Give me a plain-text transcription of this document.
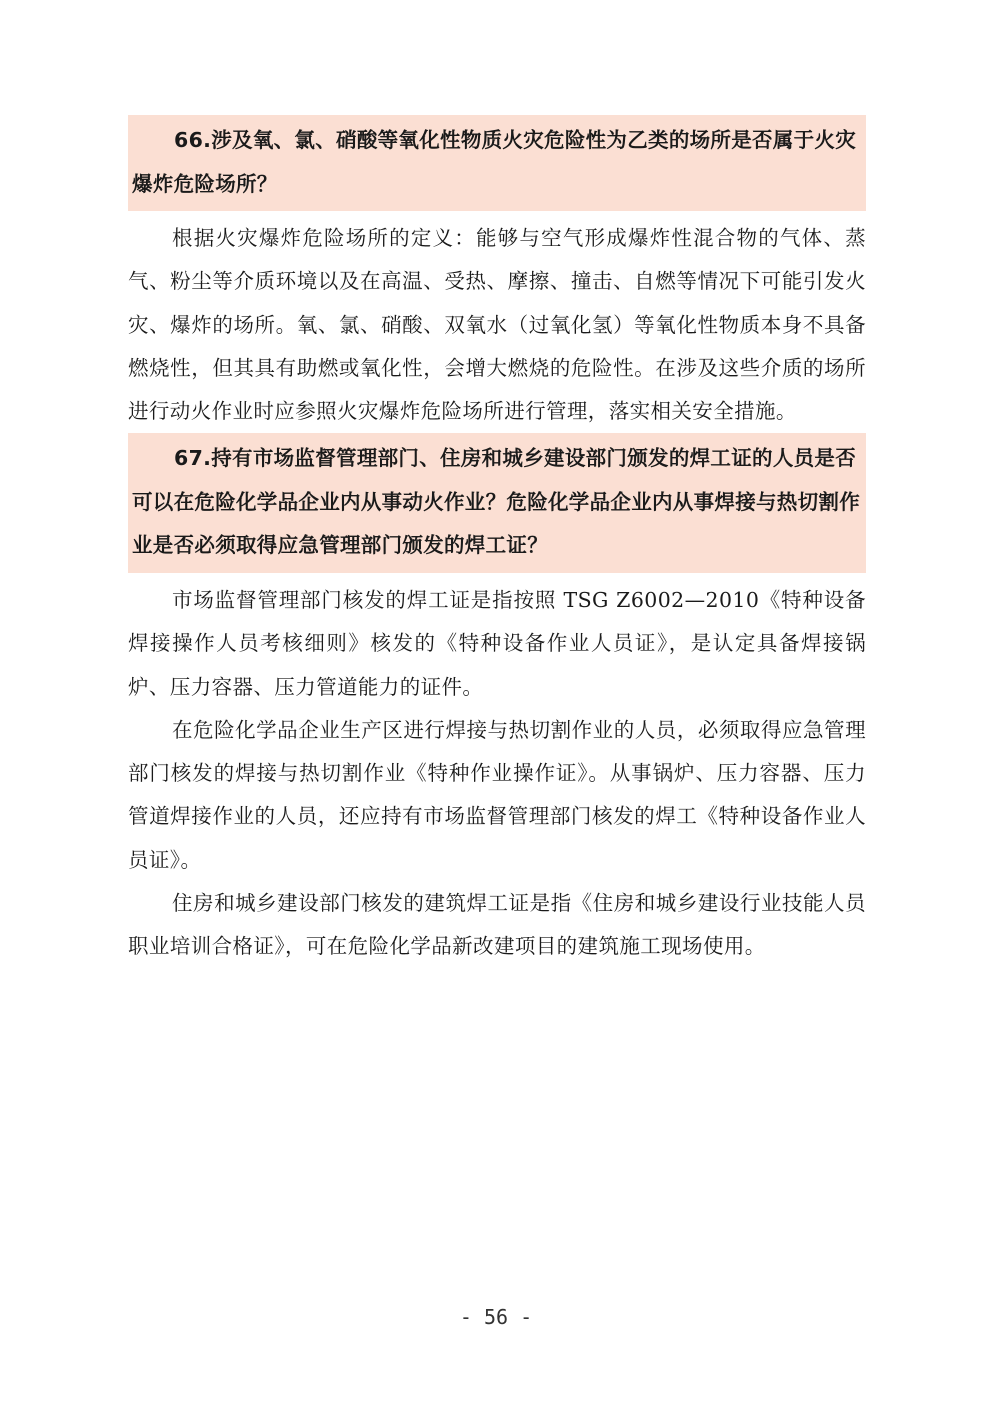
66.涉及氧、氯、硝酸等氧化性物质火灾危险性为乙类的场所是否属于火灾爆炸危险场所？

根据火灾爆炸危险场所的定义：能够与空气形成爆炸性混合物的气体、蒸气、粉尘等介质环境以及在高温、受热、摩擦、撞击、自燃等情况下可能引发火灾、爆炸的场所。氧、氯、硝酸、双氧水（过氧化氢）等氧化性物质本身不具备燃烧性，但其具有助燃或氧化性，会增大燃烧的危险性。在涉及这些介质的场所进行动火作业时应参照火灾爆炸危险场所进行管理，落实相关安全措施。

67.持有市场监督管理部门、住房和城乡建设部门颁发的焊工证的人员是否可以在危险化学品企业内从事动火作业？危险化学品企业内从事焊接与热切割作业是否必须取得应急管理部门颁发的焊工证？

市场监督管理部门核发的焊工证是指按照 TSG Z6002—2010《特种设备焊接操作人员考核细则》核发的《特种设备作业人员证》，是认定具备焊接锅炉、压力容器、压力管道能力的证件。

在危险化学品企业生产区进行焊接与热切割作业的人员，必须取得应急管理部门核发的焊接与热切割作业《特种作业操作证》。从事锅炉、压力容器、压力管道焊接作业的人员，还应持有市场监督管理部门核发的焊工《特种设备作业人员证》。

住房和城乡建设部门核发的建筑焊工证是指《住房和城乡建设行业技能人员职业培训合格证》，可在危险化学品新改建项目的建筑施工现场使用。

- 56 -
